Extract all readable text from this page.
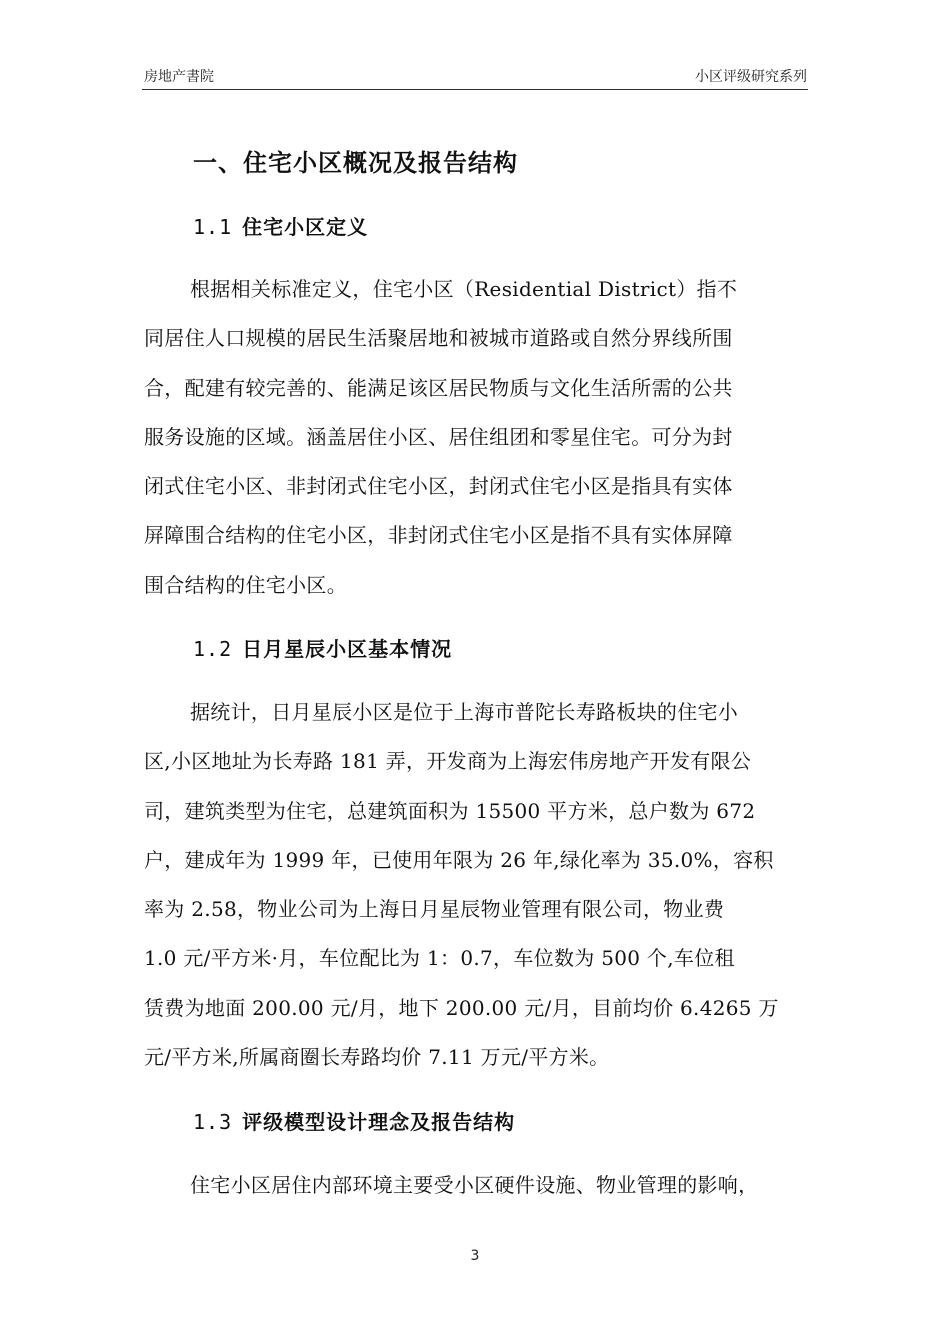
房地产書院	小区评级研究系列
一、住宅小区概况及报告结构
1.1 住宅小区定义
根据相关标准定义，住宅小区（Residential District）指不
同居住人口规模的居民生活聚居地和被城市道路或自然分界线所围
合，配建有较完善的、能满足该区居民物质与文化生活所需的公共
服务设施的区域。涵盖居住小区、居住组团和零星住宅。可分为封
闭式住宅小区、非封闭式住宅小区，封闭式住宅小区是指具有实体
屏障围合结构的住宅小区，非封闭式住宅小区是指不具有实体屏障
围合结构的住宅小区。
1.2 日月星辰小区基本情况
据统计，日月星辰小区是位于上海市普陀长寿路板块的住宅小
区,小区地址为长寿路 181 弄，开发商为上海宏伟房地产开发有限公
司，建筑类型为住宅，总建筑面积为 15500 平方米，总户数为 672
户，建成年为 1999 年，已使用年限为 26 年,绿化率为 35.0%，容积
率为 2.58，物业公司为上海日月星辰物业管理有限公司，物业费
1.0 元/平方米·月，车位配比为 1：0.7，车位数为 500 个,车位租
赁费为地面 200.00 元/月，地下 200.00 元/月，目前均价 6.4265 万
元/平方米,所属商圈长寿路均价 7.11 万元/平方米。
1.3 评级模型设计理念及报告结构
住宅小区居住内部环境主要受小区硬件设施、物业管理的影响，
3
